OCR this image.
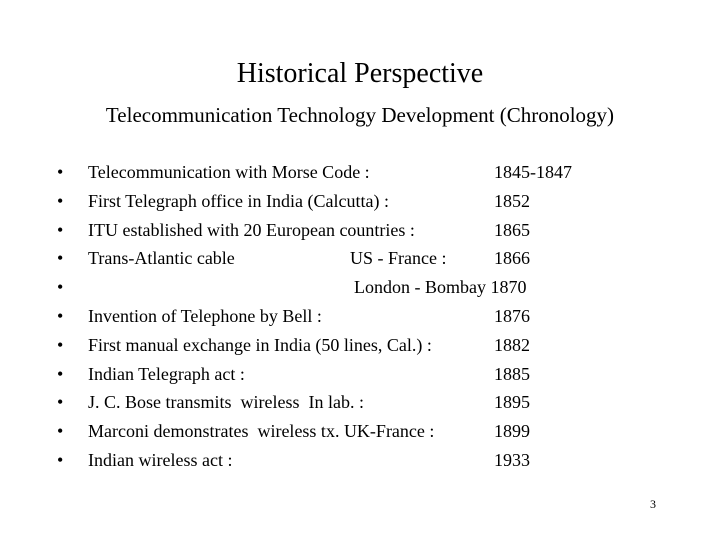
Historical Perspective
Telecommunication Technology Development (Chronology)
• Telecommunication with Morse Code :	1845-1847
• First Telegraph office in India (Calcutta) :	1852
• ITU established with 20 European countries :	1865
• Trans-Atlantic cable	US - France :	1866
•	London - Bombay 1870
• Invention of Telephone by Bell :	1876
• First manual exchange in India (50 lines, Cal.) :	1882
• Indian Telegraph act :	1885
• J. C. Bose transmits  wireless  In lab. :	1895
• Marconi demonstrates  wireless tx. UK-France :	1899
• Indian wireless act :	1933
3
